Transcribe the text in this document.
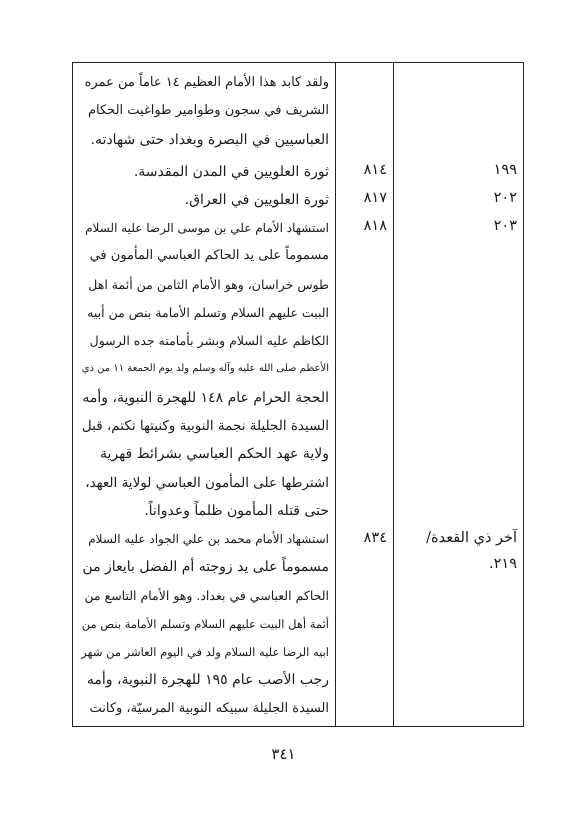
ولقد كابد هذا الأمام العظيم ١٤ عاماً من عمره
الشريف في سجون وطوامير طواغيت الحكام
العباسيين في البصرة وبغداد حتى شهادته.
١٩٩
٨١٤
ثورة العلويين في المدن المقدسة.
٢٠٢
٨١٧
ثورة العلويين في العراق.
٢٠٣
٨١٨
استشهاد الأمام علي بن موسى الرضا عليه السلام
مسموماً على يد الحاكم العباسي المأمون في
طوس خراسان، وهو الأمام الثامن من أئمة اهل
البيت عليهم السلام وتسلم الأمامة بنص من أبيه
الكاظم عليه السلام وبشر بأمامته جده الرسول
الأعظم صلى الله عليه وآله وسلم ولد يوم الجمعة ١١ من ذي
الحجة الحرام عام ١٤٨ للهجرة النبوية، وأمه
السيدة الجليلة نجمة النوبية وكنيتها تكتم، قبل
ولاية عهد الحكم العباسي بشرائط قهرية
اشترطها على المأمون العباسي لولاية العهد،
حتى قتله المأمون ظلماً وعدواناً.
آخر ذي القعدة/
٢١٩.
٨٣٤
استشهاد الأمام محمد بن علي الجواد عليه السلام
مسموماً على يد زوجته أم الفضل بايعاز من
الحاكم العباسي في بغداد. وهو الأمام التاسع من
أئمة أهل البيت عليهم السلام وتسلم الأمامة بنص من
ابيه الرضا عليه السلام ولد في اليوم العاشر من شهر
رجب الأصب عام ١٩٥ للهجرة النبوية، وأمه
السيدة الجليلة سبيكه النوبية المرسيّة، وكانت
٣٤١
